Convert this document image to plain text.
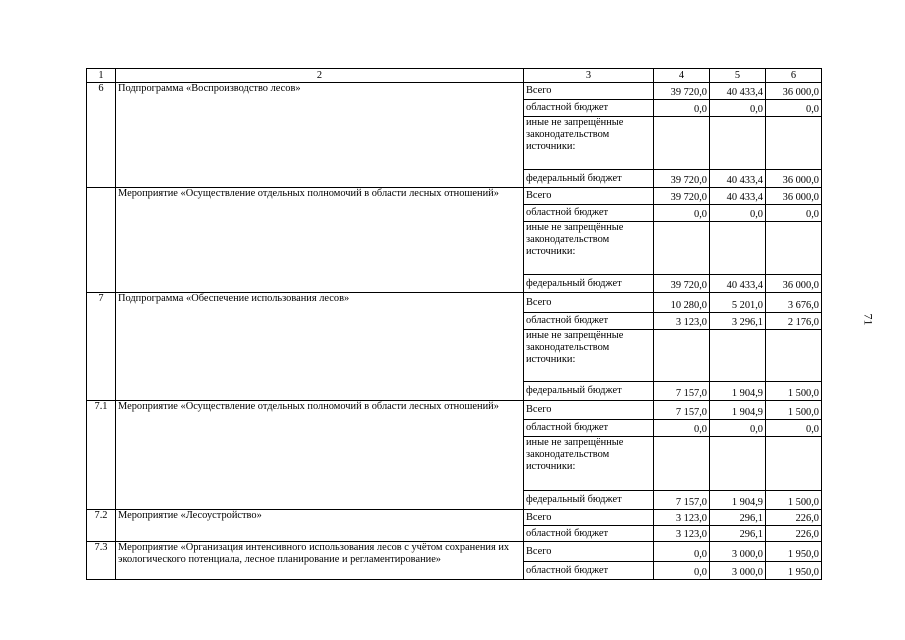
1	2	3	4	5	6
6	Подпрограмма «Воспроизводство лесов»	Всего	39 720,0	40 433,4	36 000,0
		областной бюджет	0,0	0,0	0,0
		иные не запрещённые законодательством источники:			
		федеральный бюджет	39 720,0	40 433,4	36 000,0
	Мероприятие «Осуществление отдельных полномочий в области лесных отношений»	Всего	39 720,0	40 433,4	36 000,0
		областной бюджет	0,0	0,0	0,0
		иные не запрещённые законодательством источники:			
		федеральный бюджет	39 720,0	40 433,4	36 000,0
7	Подпрограмма «Обеспечение использования лесов»	Всего	10 280,0	5 201,0	3 676,0
		областной бюджет	3 123,0	3 296,1	2 176,0
		иные не запрещённые законодательством источники:			
		федеральный бюджет	7 157,0	1 904,9	1 500,0
7.1	Мероприятие «Осуществление отдельных полномочий в области лесных отношений»	Всего	7 157,0	1 904,9	1 500,0
		областной бюджет	0,0	0,0	0,0
		иные не запрещённые законодательством источники:			
		федеральный бюджет	7 157,0	1 904,9	1 500,0
7.2	Мероприятие «Лесоустройство»	Всего	3 123,0	296,1	226,0
		областной бюджет	3 123,0	296,1	226,0
7.3	Мероприятие «Организация интенсивного использования лесов с учётом сохранения их экологического потенциала, лесное планирование и регламентирование»	Всего	0,0	3 000,0	1 950,0
		областной бюджет	0,0	3 000,0	1 950,0
71
